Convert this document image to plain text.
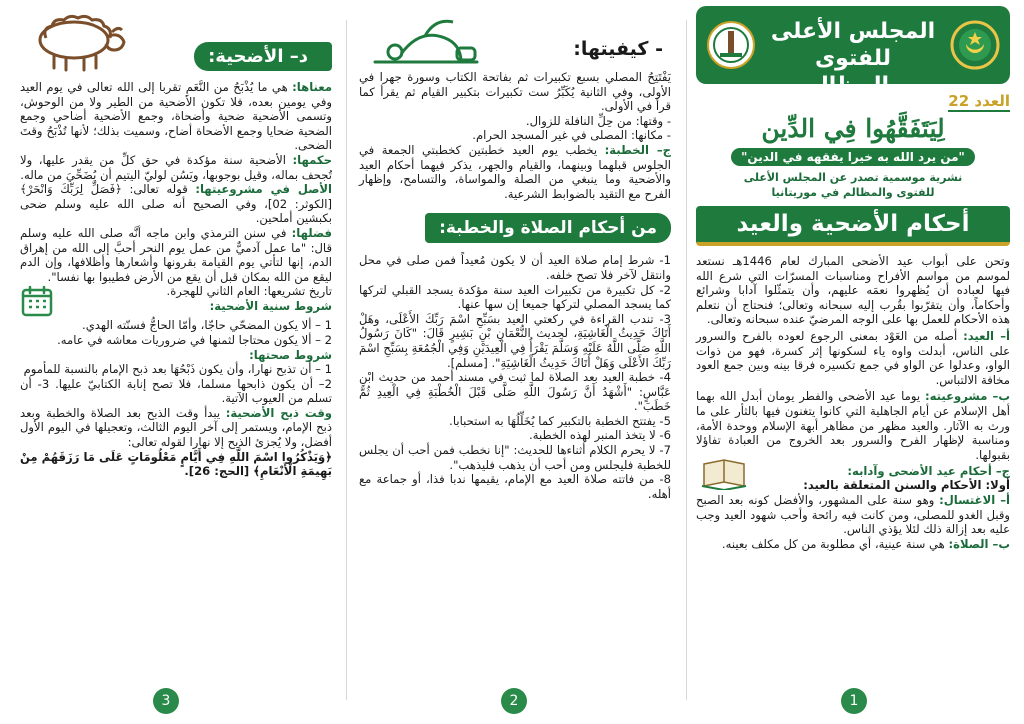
المجلس الأعلى
للفتوى والمظالم
العدد 22
لِيَتَفَقَّهُوا فِي الدِّين
"من يرد الله به خيرا يفقهه في الدين"
نشرية موسمية تصدر عن المجلس الأعلى
للفتوى والمظالم في موريتانيا
أحكام الأضحية والعيد

وتحن على أبواب عيد الأضحى المبارك لعام 1446هـ نستعد لموسم من مواسم الأفراح ومناسبات المسرّات التي شرع الله فيها لعباده أن يُظهروا نعمَه عليهم، وأن يتمثّلوا آدابا وشرائع وأحكاماً، وأن يتقرّبوا بقُرب إليه سبحانه وتعالى؛ فنحتاج أن نتعلم هذه الأحكام للعمل بها على الوجه المرضيّ عنده سبحانه وتعالى.

أ– العيد: أصله من العَوْد بمعنى الرجوع لعوده بالفرح والسرور على الناس، أبدلت واوه ياء لسكونها إثر كسرة، فهو من ذوات الواو، وعدلوا عن الواو في جمع تكسيره فرقا بينه وبين جمع العود مخافة الالتباس.

ب– مشروعيته: يوما عيد الأضحى والفطر يومان أبدل الله بهما أهل الإسلام عن أيام الجاهلية التي كانوا يتغنون فيها بالثأر على ما ورث به الآثار. والعيد مظهر من مظاهر أبهة الإسلام ووحدة الأمة، ومناسبة لإظهار الفرح والسرور بعد الخروج من العبادة تفاؤلا بقبولها.

ج– أحكام عيد الأضحى وآدابه:

أولا: الأحكام والسنن المتعلقة بالعيد:

أ– الاغتسال: وهو سنة على المشهور، والأفضل كونه بعد الصبح وقبل الغدو للمصلى، ومن كانت فيه رائحة وأحب شهود العيد وجب عليه بعد إزالة ذلك لئلا يؤذي الناس.

ب– الصلاة: هي سنة عينية، أي مطلوبة من كل مكلف بعينه.

1
- كيفيتها:

يَفْتَتِحُ المصلي بسبع تكبيرات ثم بفاتحة الكتاب وسورة جهرا في الأولى، وفي الثانية يُكَبِّرُ ست تكبيرات بتكبير القيام ثم يقرأ كما قرأ في الأولى.

- وقتها: من حِلِّ النافلة للزوال.

- مكانها: المصلى في غير المسجد الحرام.

ج– الخطبة: يخطب يوم العيد خطبتين كخطبتي الجمعة في الجلوس قبلهما وبينهما، والقيام والجهر، يذكر فيهما أحكام العيد والأضحية وما ينبغي من الصلة والمواساة، والتسامح، وإظهار الفرح مع التقيد بالضوابط الشرعية.

من أحكام الصلاة والخطبة:

1- شرط إمام صلاة العيد أن لا يكون مُعيداً فمن صلى في محل وانتقل لآخر فلا تصح خلفه.

2- كل تكبيرة من تكبيرات العيد سنة مؤكدة يسجد القبلي لتركها كما يسجد المصلي لتركها جميعا إن سها عنها.

3- تندب القراءة في ركعتي العيد بسَبِّحِ اسْمَ رَبِّكَ الأَعْلَى، وهَلْ أَتَاكَ حَدِيثُ الْغَاشِيَةِ، لحديث النُّعْمَانِ بْنِ بَشِيرٍ قَالَ: "كَانَ رَسُولُ اللَّهِ صَلَّى اللَّهُ عَلَيْهِ وَسَلَّمَ يَقْرَأُ فِي الْعِيدَيْنِ وَفِي الْجُمُعَةِ بِسَبِّحِ اسْمَ رَبِّكَ الأَعْلَى وَهَلْ أَتَاكَ حَدِيثُ الْغَاشِيَةِ". [مسلم].

4- خطبة العيد بعد الصلاة لما ثبت في مسند أحمد من حديث ابْنِ عَبَّاسٍ: "أَشْهَدُ أَنَّ رَسُولَ اللَّهِ صَلَّى قَبْلَ الْخُطْبَةِ فِي الْعِيدِ ثُمَّ خَطَبَ".

5- يفتتح الخطبة بالتكبير كما يُخَلِّلُهَا به استحبابا.

6- لا يتخذ المنبر لهذه الخطبة.

7- لا يحرم الكلام أثناءها للحديث: "إنا نخطب فمن أحب أن يجلس للخطبة فليجلس ومن أحب أن يذهب فليذهب".

8- من فاتته صلاة العيد مع الإمام، يقيمها ندبا فذا، أو جماعة مع أهله.

2
د– الأضحية:

معناها: هي ما يُذْبَحُ من النَّعَمِ تقربا إلى الله تعالى في يوم العيد وفي يومين بعده، فلا تكون الأضحية من الطير ولا من الوحوش، وتسمى الأضحية ضحية وأضحاة، وجمع الأضحية أضاحي وجمع الضحية ضحايا وجمع الأضحاة أضاح، وسميت بذلك؛ لأنها تُذْبَحُ وقتَ الضحى.

حكمها: الأضحية سنة مؤكدة في حق كلِّ من يقدر عليها، ولا تُجحف بماله، وقيل بوجوبها، ويَسُن لوليّ اليتيم أن يُضَحِّيَ من ماله.

الأصل في مشروعيتها: قوله تعالى: ﴿فَصَلِّ لِرَبِّكَ وَانْحَرْ﴾ [الكوثر: 02]، وفي الصحيح أنه صلى الله عليه وسلم ضحى بكبشين أملحين.

فضلها: في سنن الترمذي وابن ماجه أنَّه صلى الله عليه وسلم قال: "ما عمل آدميٌّ من عمل يوم النحر أحبَّ إلى الله من إهراق الدم، إنها لتأتي يوم القيامة بقرونها وأشعارها وأظلافها، وإن الدم ليقع من الله بمكان قبل أن يقع من الأرض فطيبوا بها نفسا".

تاريخ تشريعها: العام الثاني للهجرة.

شروط سنية الأضحية:

1 – ألا يكون المضحّي حاجّا، وأمّا الحاجُّ فسنّته الهدي.

2 – ألا يكون محتاجا لثمنها في ضروريات معاشه في عامه.

شروط صحتها:

1 – أن تذبح نهارا، وأن يكون ذَبْحُهَا بعد ذبح الإمام بالنسبة للمأموم

2– أن يكون ذابحها مسلما، فلا تصح إنابة الكتابيّ عليها. 3- أن تسلم من العيوب الآتية.

وقت ذبح الأضحية: يبدأ وقت الذبح بعد الصلاة والخطبة وبعد ذبح الإمام، ويستمر إلى آخر اليوم الثالث، وتعجيلها في اليوم الأول أفضل، ولا يُجزئ الذبح إلا نهارا لقوله تعالى:

﴿وَيَذْكُرُوا اسْمَ اللَّهِ فِي أَيَّامٍ مَعْلُومَاتٍ عَلَى مَا رَزَقَهُمْ مِنْ بَهِيمَةِ الْأَنْعَامِ﴾ [الحج: 26].

3
